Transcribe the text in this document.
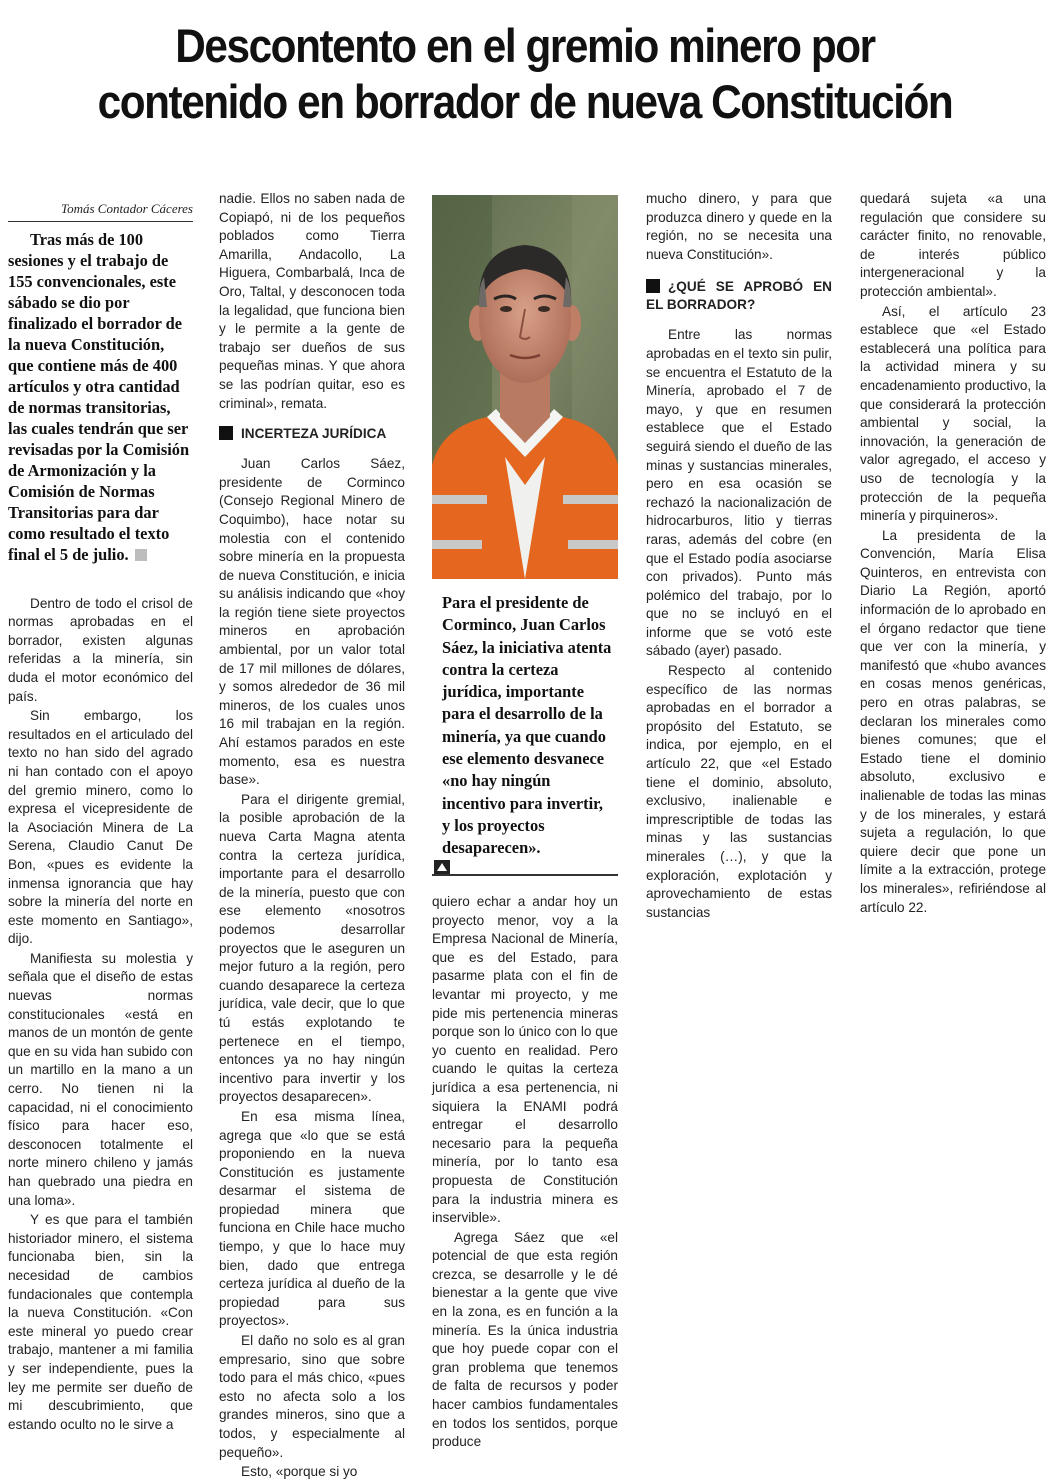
Descontento en el gremio minero por
contenido en borrador de nueva Constitución
Tomás Contador Cáceres

Tras más de 100 sesiones y el trabajo de 155 convencionales, este sábado se dio por finalizado el borrador de la nueva Constitución, que contiene más de 400 artículos y otra cantidad de normas transitorias, las cuales tendrán que ser revisadas por la Comisión de Armonización y la Comisión de Normas Transitorias para dar como resultado el texto final el 5 de julio.

Dentro de todo el crisol de normas aprobadas en el borrador, existen algunas referidas a la minería, sin duda el motor económico del país.

Sin embargo, los resultados en el articulado del texto no han sido del agrado ni han contado con el apoyo del gremio minero, como lo expresa el vicepresidente de la Asociación Minera de La Serena, Claudio Canut De Bon, «pues es evidente la inmensa ignorancia que hay sobre la minería del norte en este momento en Santiago», dijo.

Manifiesta su molestia y señala que el diseño de estas nuevas normas constitucionales «está en manos de un montón de gente que en su vida han subido con un martillo en la mano a un cerro. No tienen ni la capacidad, ni el conocimiento físico para hacer eso, desconocen totalmente el norte minero chileno y jamás han quebrado una piedra en una loma».

Y es que para el también historiador minero, el sistema funcionaba bien, sin la necesidad de cambios fundacionales que contempla la nueva Constitución. «Con este mineral yo puedo crear trabajo, mantener a mi familia y ser independiente, pues la ley me permite ser dueño de mi descubrimiento, que estando oculto no le sirve a

nadie. Ellos no saben nada de Copiapó, ni de los pequeños poblados como Tierra Amarilla, Andacollo, La Higuera, Combarbalá, Inca de Oro, Taltal, y desconocen toda la legalidad, que funciona bien y le permite a la gente de trabajo ser dueños de sus pequeñas minas. Y que ahora se las podrían quitar, eso es criminal», remata.

INCERTEZA JURÍDICA

Juan Carlos Sáez, presidente de Corminco (Consejo Regional Minero de Coquimbo), hace notar su molestia con el contenido sobre minería en la propuesta de nueva Constitución, e inicia su análisis indicando que «hoy la región tiene siete proyectos mineros en aprobación ambiental, por un valor total de 17 mil millones de dólares, y somos alrededor de 36 mil mineros, de los cuales unos 16 mil trabajan en la región. Ahí estamos parados en este momento, esa es nuestra base».

Para el dirigente gremial, la posible aprobación de la nueva Carta Magna atenta contra la certeza jurídica, importante para el desarrollo de la minería, puesto que con ese elemento «nosotros podemos desarrollar proyectos que le aseguren un mejor futuro a la región, pero cuando desaparece la certeza jurídica, vale decir, que lo que tú estás explotando te pertenece en el tiempo, entonces ya no hay ningún incentivo para invertir y los proyectos desaparecen».

En esa misma línea, agrega que «lo que se está proponiendo en la nueva Constitución es justamente desarmar el sistema de propiedad minera que funciona en Chile hace mucho tiempo, y que lo hace muy bien, dado que entrega certeza jurídica al dueño de la propiedad para sus proyectos».

El daño no solo es al gran empresario, sino que sobre todo para el más chico, «pues esto no afecta solo a los grandes mineros, sino que a todos, y especialmente al pequeño».

Esto, «porque si yo

Para el presidente de Corminco, Juan Carlos Sáez, la iniciativa atenta contra la certeza jurídica, importante para el desarrollo de la minería, ya que cuando ese elemento desvanece «no hay ningún incentivo para invertir, y los proyectos desaparecen».

quiero echar a andar hoy un proyecto menor, voy a la Empresa Nacional de Minería, que es del Estado, para pasarme plata con el fin de levantar mi proyecto, y me pide mis pertenencia mineras porque son lo único con lo que yo cuento en realidad. Pero cuando le quitas la certeza jurídica a esa pertenencia, ni siquiera la ENAMI podrá entregar el desarrollo necesario para la pequeña minería, por lo tanto esa propuesta de Constitución para la industria minera es inservible».

Agrega Sáez que «el potencial de que esta región crezca, se desarrolle y le dé bienestar a la gente que vive en la zona, es en función a la minería. Es la única industria que hoy puede copar con el gran problema que tenemos de falta de recursos y poder hacer cambios fundamentales en todos los sentidos, porque produce

mucho dinero, y para que produzca dinero y quede en la región, no se necesita una nueva Constitución».

¿QUÉ SE APROBÓ EN EL BORRADOR?

Entre las normas aprobadas en el texto sin pulir, se encuentra el Estatuto de la Minería, aprobado el 7 de mayo, y que en resumen establece que el Estado seguirá siendo el dueño de las minas y sustancias minerales, pero en esa ocasión se rechazó la nacionalización de hidrocarburos, litio y tierras raras, además del cobre (en que el Estado podía asociarse con privados). Punto más polémico del trabajo, por lo que no se incluyó en el informe que se votó este sábado (ayer) pasado.

Respecto al contenido específico de las normas aprobadas en el borrador a propósito del Estatuto, se indica, por ejemplo, en el artículo 22, que «el Estado tiene el dominio, absoluto, exclusivo, inalienable e imprescriptible de todas las minas y las sustancias minerales (…), y que la exploración, explotación y aprovechamiento de estas sustancias

quedará sujeta «a una regulación que considere su carácter finito, no renovable, de interés público intergeneracional y la protección ambiental».

Así, el artículo 23 establece que «el Estado establecerá una política para la actividad minera y su encadenamiento productivo, la que considerará la protección ambiental y social, la innovación, la generación de valor agregado, el acceso y uso de tecnología y la protección de la pequeña minería y pirquineros».

La presidenta de la Convención, María Elisa Quinteros, en entrevista con Diario La Región, aportó información de lo aprobado en el órgano redactor que tiene que ver con la minería, y manifestó que «hubo avances en cosas menos genéricas, pero en otras palabras, se declaran los minerales como bienes comunes; que el Estado tiene el dominio absoluto, exclusivo e inalienable de todas las minas y de los minerales, y estará sujeta a regulación, lo que quiere decir que pone un límite a la extracción, protege los minerales», refiriéndose al artículo 22.
